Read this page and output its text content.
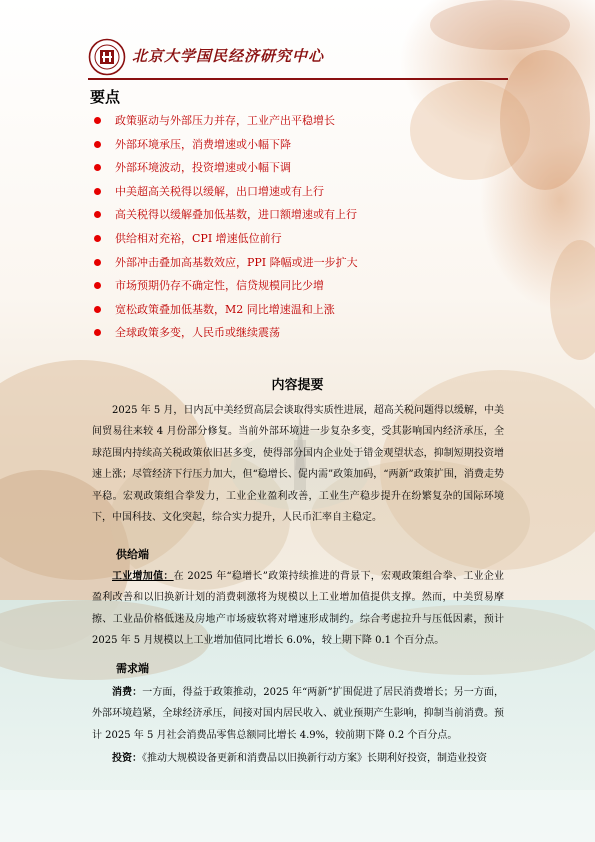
北京大学国民经济研究中心
要点
政策驱动与外部压力并存，工业产出平稳增长
外部环境承压，消费增速或小幅下降
外部环境波动，投资增速或小幅下调
中美超高关税得以缓解，出口增速或有上行
高关税得以缓解叠加低基数，进口额增速或有上行
供给相对充裕，CPI 增速低位前行
外部冲击叠加高基数效应，PPI 降幅或进一步扩大
市场预期仍存不确定性，信贷规模同比少增
宽松政策叠加低基数，M2 同比增速温和上涨
全球政策多变，人民币或继续震荡
内容提要

2025 年 5 月，日内瓦中美经贸高层会谈取得实质性进展，超高关税问题得以缓解，中美间贸易往来较 4 月份部分修复。当前外部环境进一步复杂多变，受其影响国内经济承压，全球范围内持续高关税政策依旧甚多变，使得部分国内企业处于错金观望状态，抑制短期投资增速上涨；尽管经济下行压力加大，但“稳增长、促内需”政策加码，“两新”政策扩围，消费走势平稳。宏观政策组合拳发力，工业企业盈利改善，工业生产稳步提升在纷繁复杂的国际环境下，中国科技、文化突起，综合实力提升，人民币汇率自主稳定。

供给端

工业增加值：在 2025 年“稳增长”政策持续推进的背景下，宏观政策组合拳、工业企业盈利改善和以旧换新计划的消费刺激将为规模以上工业增加值提供支撑。然而，中美贸易摩擦、工业品价格低迷及房地产市场疲软将对增速形成制约。综合考虑拉升与压低因素，预计 2025 年 5 月规模以上工业增加值同比增长 6.0%，较上期下降 0.1 个百分点。

需求端

消费：一方面，得益于政策推动，2025 年“两新”扩围促进了居民消费增长；另一方面，外部环境趋紧，全球经济承压，间接对国内居民收入、就业预期产生影响，抑制当前消费。预计 2025 年 5 月社会消费品零售总额同比增长 4.9%，较前期下降 0.2 个百分点。

投资：《推动大规模设备更新和消费品以旧换新行动方案》长期利好投资，制造业投资
